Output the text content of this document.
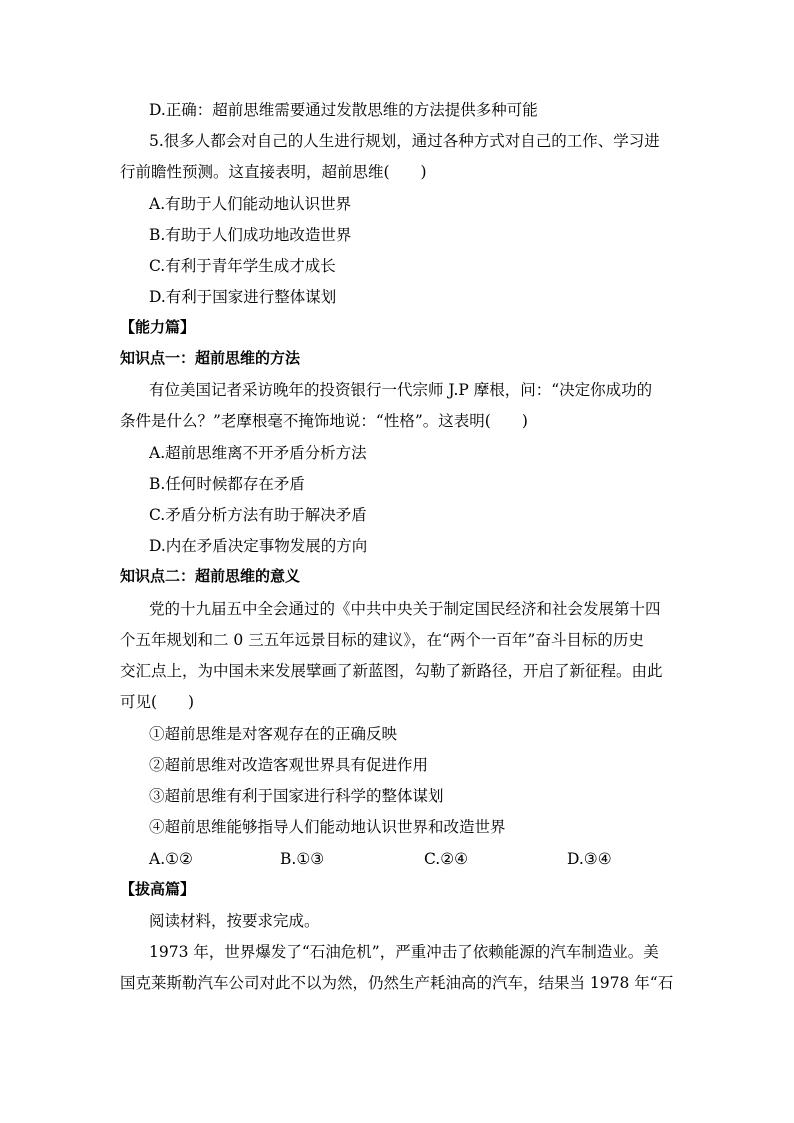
D.正确：超前思维需要通过发散思维的方法提供多种可能
5.很多人都会对自己的人生进行规划，通过各种方式对自己的工作、学习进
行前瞻性预测。这直接表明，超前思维(　　)
A.有助于人们能动地认识世界
B.有助于人们成功地改造世界
C.有利于青年学生成才成长
D.有利于国家进行整体谋划
【能力篇】
知识点一：超前思维的方法
有位美国记者采访晚年的投资银行一代宗师 J.P 摩根，问：“决定你成功的
条件是什么？”老摩根毫不掩饰地说：“性格”。这表明(　　)
A.超前思维离不开矛盾分析方法
B.任何时候都存在矛盾
C.矛盾分析方法有助于解决矛盾
D.内在矛盾决定事物发展的方向
知识点二：超前思维的意义
党的十九届五中全会通过的《中共中央关于制定国民经济和社会发展第十四
个五年规划和二 0 三五年远景目标的建议》，在“两个一百年”奋斗目标的历史
交汇点上，为中国未来发展擘画了新蓝图，勾勒了新路径，开启了新征程。由此
可见(　　)
①超前思维是对客观存在的正确反映
②超前思维对改造客观世界具有促进作用
③超前思维有利于国家进行科学的整体谋划
④超前思维能够指导人们能动地认识世界和改造世界
A.①②	B.①③	C.②④	D.③④
【拔高篇】
阅读材料，按要求完成。
1973 年，世界爆发了“石油危机”，严重冲击了依赖能源的汽车制造业。美
国克莱斯勒汽车公司对此不以为然，仍然生产耗油高的汽车，结果当 1978 年“石
